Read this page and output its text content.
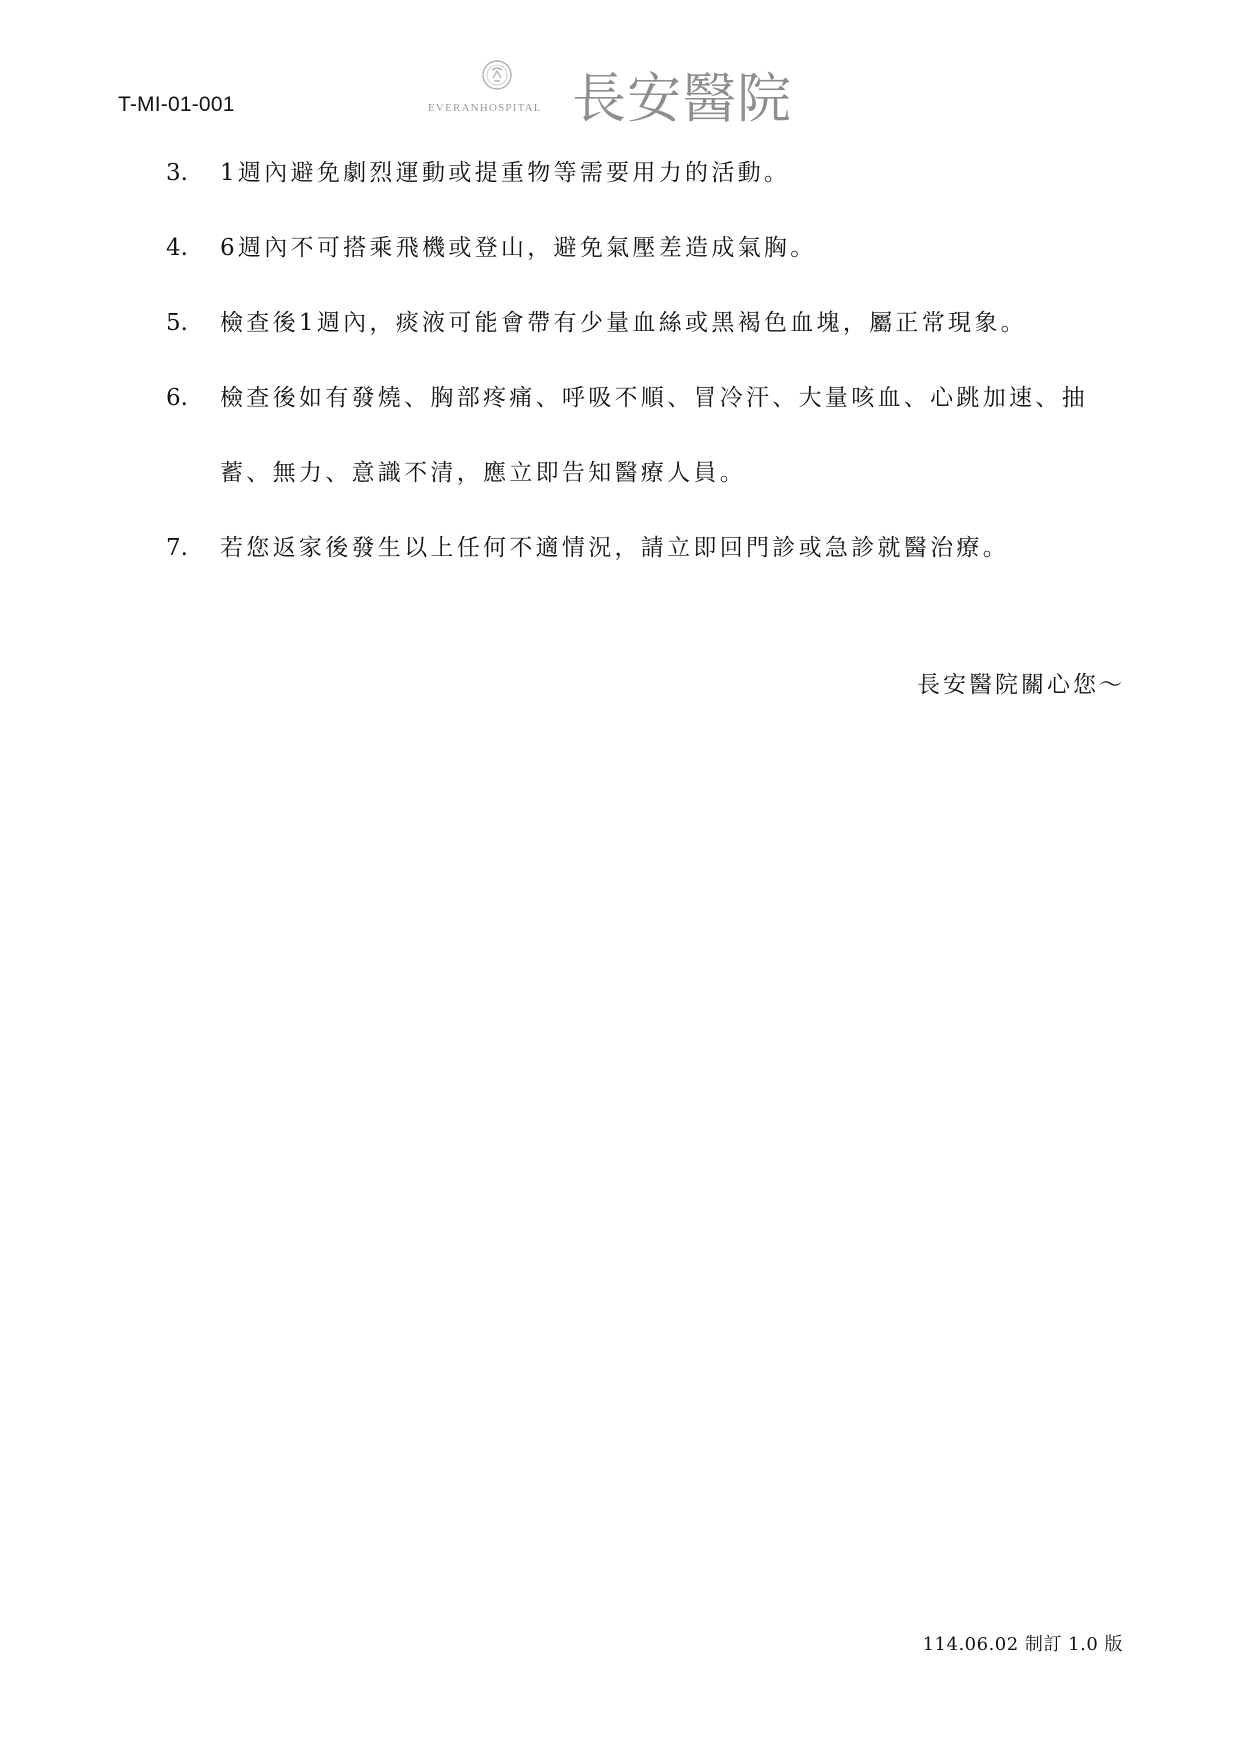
T-MI-01-001	EVERANHOSPITAL 長安醫院
3.	1週內避免劇烈運動或提重物等需要用力的活動。
4.	6週內不可搭乘飛機或登山，避免氣壓差造成氣胸。
5.	檢查後1週內，痰液可能會帶有少量血絲或黑褐色血塊，屬正常現象。
6.	檢查後如有發燒、胸部疼痛、呼吸不順、冒冷汗、大量咳血、心跳加速、抽蓄、無力、意識不清，應立即告知醫療人員。
7.	若您返家後發生以上任何不適情況，請立即回門診或急診就醫治療。
長安醫院關心您～
114.06.02 制訂 1.0 版
